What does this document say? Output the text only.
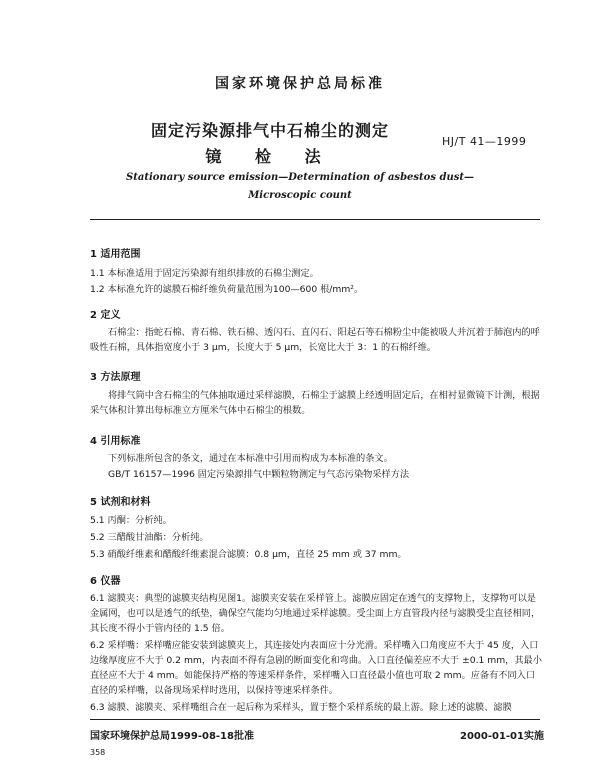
国家环境保护总局标准
固定污染源排气中石棉尘的测定
镜 检 法
HJ/T 41—1999
Stationary source emission—Determination of asbestos dust—
Microscopic count
1 适用范围
1.1 本标准适用于固定污染源有组织排放的石棉尘测定。
1.2 本标准允许的滤膜石棉纤维负荷量范围为100—600 根/mm²。
2 定义
石棉尘：指蛇石棉、青石棉、铁石棉、透闪石、直闪石、阳起石等石棉粉尘中能被吸人并沉着于肺泡内的呼吸性石棉，具体指宽度小于 3 μm，长度大于 5 μm，长宽比大于 3：1 的石棉纤维。
3 方法原理
将排气筒中含石棉尘的气体抽取通过采样滤膜，石棉尘于滤膜上经透明固定后，在相衬显微镜下计测，根据采气体积计算出每标准立方厘米气体中石棉尘的根数。
4 引用标准
下列标准所包含的条文，通过在本标准中引用而构成为本标准的条文。
GB/T 16157—1996 固定污染源排气中颗粒物测定与气态污染物采样方法
5 试剂和材料
5.1 丙酮：分析纯。
5.2 三醋酸甘油酯：分析纯。
5.3 硝酸纤维素和醋酸纤维素混合滤膜：0.8 μm，直径 25 mm 或 37 mm。
6 仪器
6.1 滤膜夹：典型的滤膜夹结构见图1。滤膜夹安装在采样管上。滤膜应固定在透气的支撑物上，支撑物可以是金属网，也可以是透气的纸垫，确保空气能均匀地通过采样滤膜。受尘面上方直管段内径与滤膜受尘直径相同，其长度不得小于管内径的 1.5 倍。
6.2 采样嘴：采样嘴应能安装到滤膜夹上，其连接处内表面应十分光滑。采样嘴入口角度应不大于 45 度，入口边缘厚度应不大于 0.2 mm，内表面不得有急剧的断面变化和弯曲。入口直径偏差应不大于 ±0.1 mm，其最小直径应不大于 4 mm。如能保持严格的等速采样条件，采样嘴入口直径最小值也可取 2 mm。应备有不同入口直径的采样嘴，以备现场采样时选用，以保持等速采样条件。
6.3 滤膜、滤膜夹、采样嘴组合在一起后称为采样头，置于整个采样系统的最上游。除上述的滤膜、滤膜
国家环境保护总局1999-08-18批准	2000-01-01实施
358
